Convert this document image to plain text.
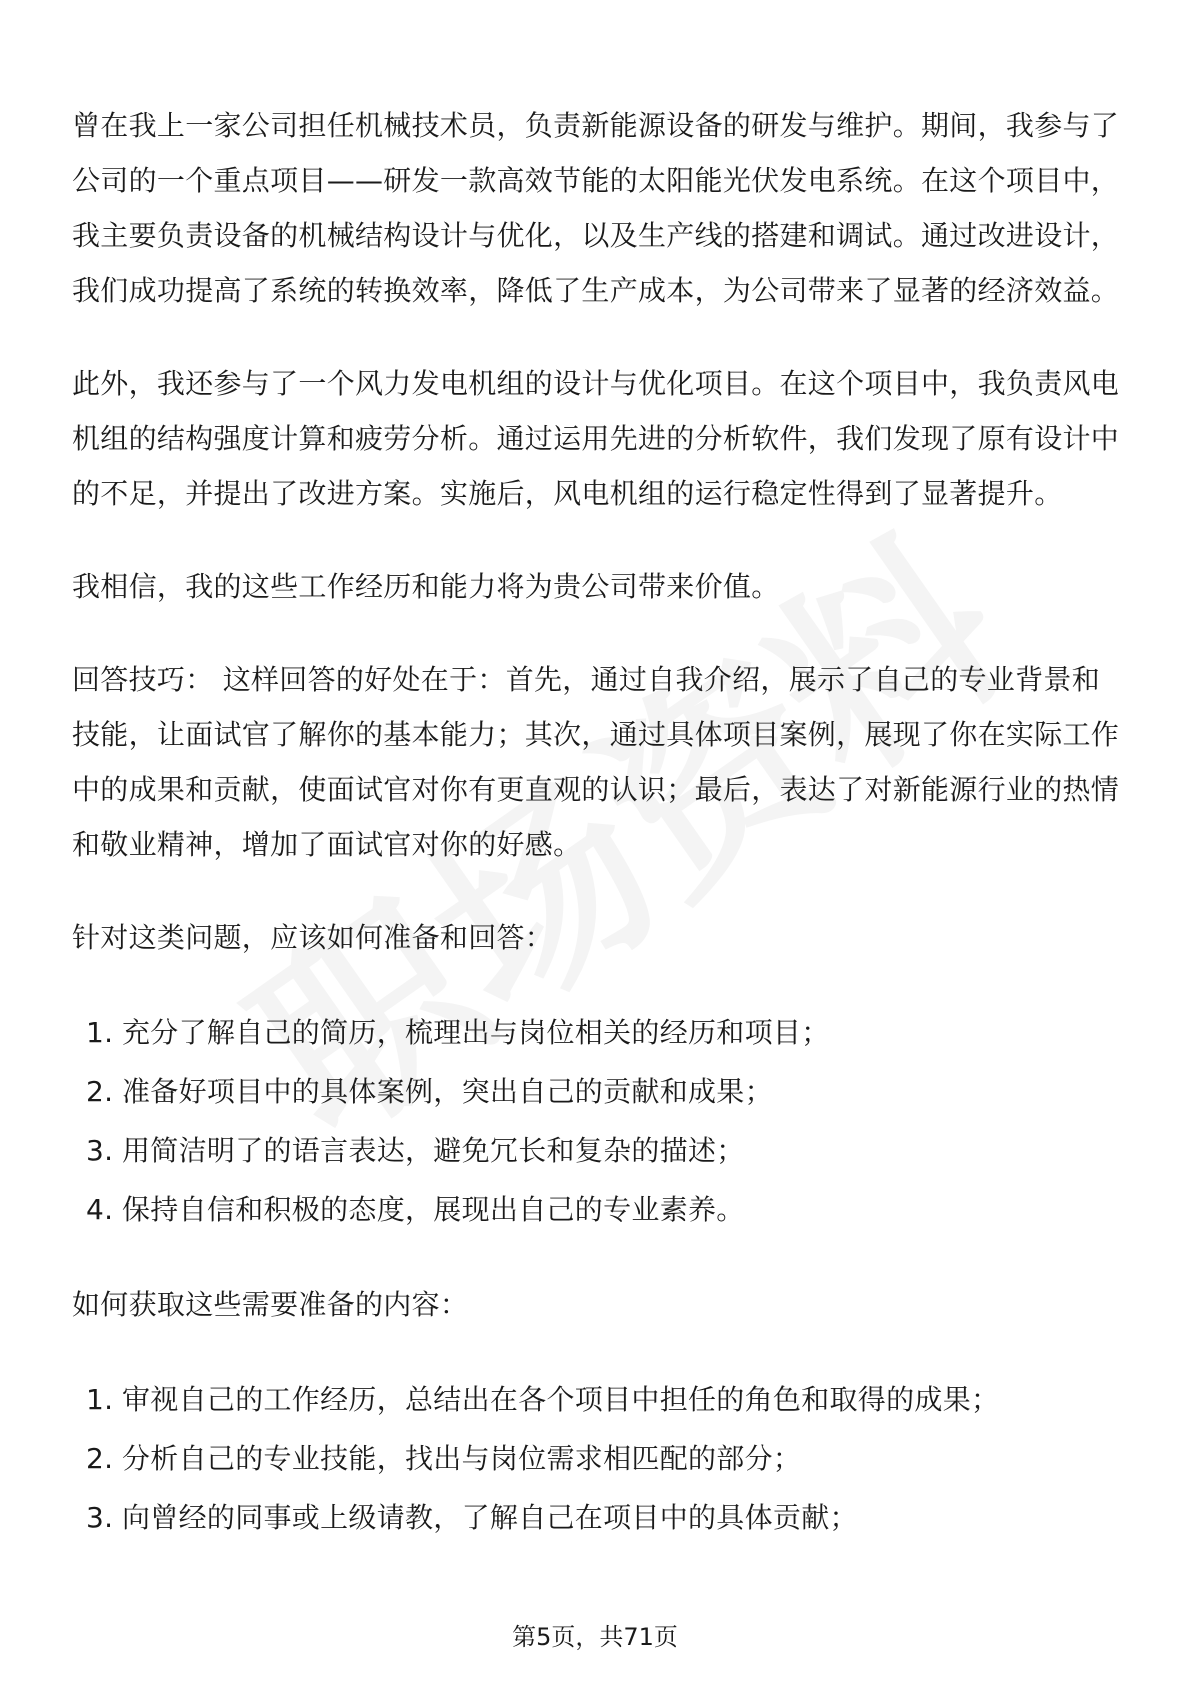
曾在我上一家公司担任机械技术员，负责新能源设备的研发与维护。期间，我参与了公司的一个重点项目——研发一款高效节能的太阳能光伏发电系统。在这个项目中，我主要负责设备的机械结构设计与优化，以及生产线的搭建和调试。通过改进设计，我们成功提高了系统的转换效率，降低了生产成本，为公司带来了显著的经济效益。

此外，我还参与了一个风力发电机组的设计与优化项目。在这个项目中，我负责风电机组的结构强度计算和疲劳分析。通过运用先进的分析软件，我们发现了原有设计中的不足，并提出了改进方案。实施后，风电机组的运行稳定性得到了显著提升。

我相信，我的这些工作经历和能力将为贵公司带来价值。

回答技巧： 这样回答的好处在于：首先，通过自我介绍，展示了自己的专业背景和技能，让面试官了解你的基本能力；其次，通过具体项目案例，展现了你在实际工作中的成果和贡献，使面试官对你有更直观的认识；最后，表达了对新能源行业的热情和敬业精神，增加了面试官对你的好感。

针对这类问题，应该如何准备和回答：

1. 充分了解自己的简历，梳理出与岗位相关的经历和项目；
2. 准备好项目中的具体案例，突出自己的贡献和成果；
3. 用简洁明了的语言表达，避免冗长和复杂的描述；
4. 保持自信和积极的态度，展现出自己的专业素养。

如何获取这些需要准备的内容：

1. 审视自己的工作经历，总结出在各个项目中担任的角色和取得的成果；
2. 分析自己的专业技能，找出与岗位需求相匹配的部分；
3. 向曾经的同事或上级请教，了解自己在项目中的具体贡献；
第5页，共71页
